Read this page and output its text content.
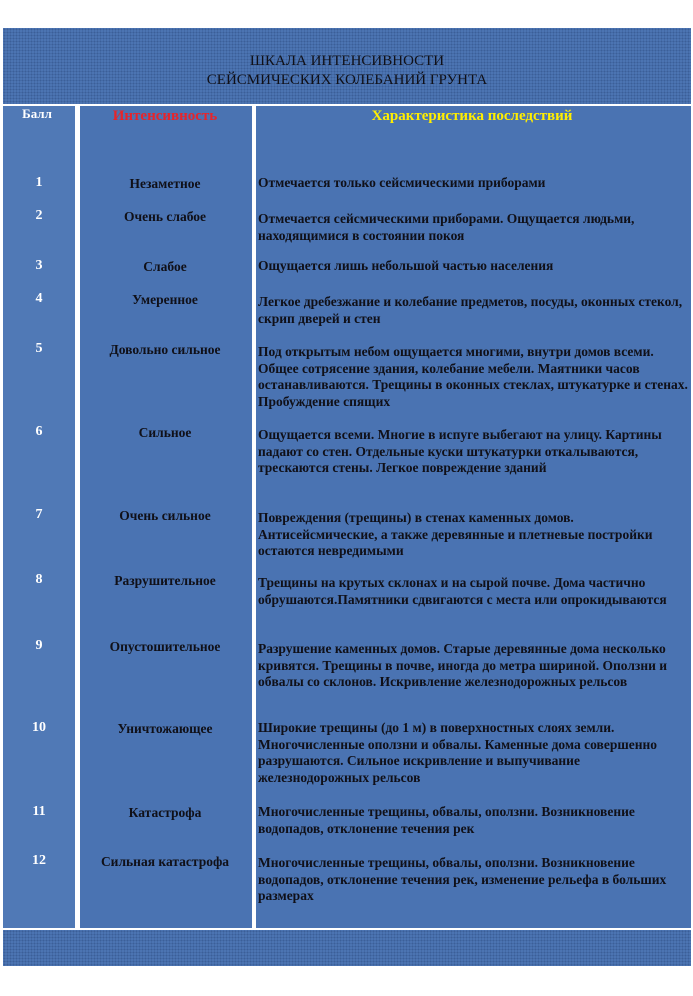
ШКАЛА ИНТЕНСИВНОСТИ
СЕЙСМИЧЕСКИХ КОЛЕБАНИЙ ГРУНТА
Балл	Интенсивность	Характеристика последствий
1	Незаметное	Отмечается только сейсмическими приборами
2	Очень слабое	Отмечается сейсмическими приборами. Ощущается людьми, находящимися в состоянии покоя
3	Слабое	Ощущается лишь небольшой частью населения
4	Умеренное	Легкое дребезжание и колебание предметов, посуды, оконных стекол, скрип дверей и стен
5	Довольно сильное	Под открытым небом ощущается многими, внутри домов всеми. Общее сотрясение здания, колебание мебели. Маятники часов останавливаются. Трещины в оконных стеклах, штукатурке и стенах. Пробуждение спящих
6	Сильное	Ощущается всеми. Многие в испуге выбегают на улицу. Картины падают со стен. Отдельные куски штукатурки откалываются, трескаются стены. Легкое повреждение зданий
7	Очень сильное	Повреждения (трещины) в стенах каменных домов. Антисейсмические, а также деревянные и плетневые постройки остаются невредимыми
8	Разрушительное	Трещины на крутых склонах и на сырой почве. Дома частично обрушаются.Памятники сдвигаются с места или опрокидываются
9	Опустошительное	Разрушение каменных домов. Старые деревянные дома несколько кривятся. Трещины в почве, иногда до метра шириной. Оползни и обвалы со склонов. Искривление железнодорожных рельсов
10	Уничтожающее	Широкие трещины (до 1 м) в поверхностных слоях земли. Многочисленные оползни и обвалы. Каменные дома совершенно разрушаются. Сильное искривление и выпучивание железнодорожных рельсов
11	Катастрофа	Многочисленные трещины, обвалы, оползни. Возникновение водопадов, отклонение течения рек
12	Сильная катастрофа	Многочисленные трещины, обвалы, оползни. Возникновение водопадов, отклонение течения рек, изменение рельефа в больших размерах
